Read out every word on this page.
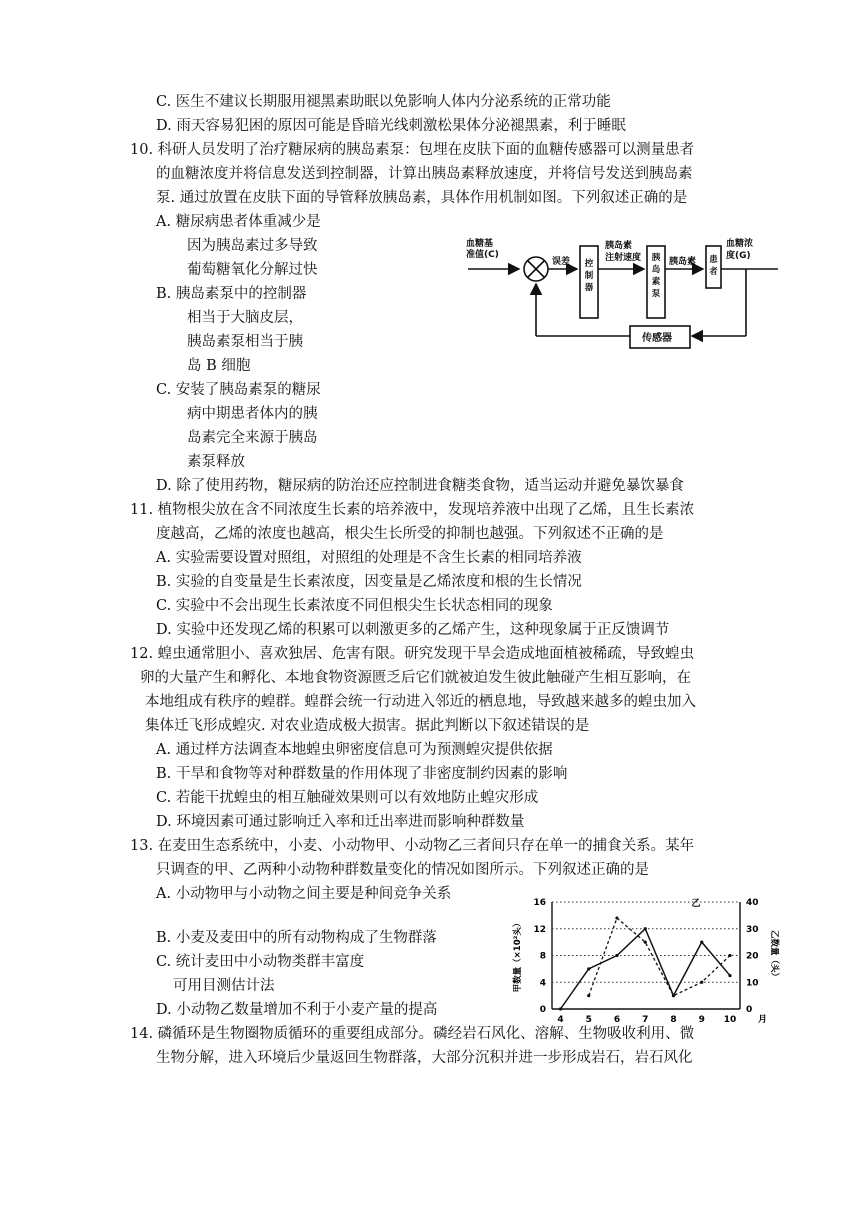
C. 医生不建议长期服用褪黑素助眠以免影响人体内分泌系统的正常功能
D. 雨天容易犯困的原因可能是昏暗光线刺激松果体分泌褪黑素，利于睡眠
10. 科研人员发明了治疗糖尿病的胰岛素泵：包埋在皮肤下面的血糖传感器可以测量患者
的血糖浓度并将信息发送到控制器，计算出胰岛素释放速度，并将信号发送到胰岛素
泵. 通过放置在皮肤下面的导管释放胰岛素，具体作用机制如图。下列叙述正确的是
A. 糖尿病患者体重减少是
因为胰岛素过多导致
葡萄糖氧化分解过快
B. 胰岛素泵中的控制器
相当于大脑皮层，
胰岛素泵相当于胰
岛 B 细胞
C. 安装了胰岛素泵的糖尿
病中期患者体内的胰
岛素完全来源于胰岛
素泵释放
D. 除了使用药物，糖尿病的防治还应控制进食糖类食物，适当运动并避免暴饮暴食
11. 植物根尖放在含不同浓度生长素的培养液中，发现培养液中出现了乙烯，且生长素浓
度越高，乙烯的浓度也越高，根尖生长所受的抑制也越强。下列叙述不正确的是
A. 实验需要设置对照组，对照组的处理是不含生长素的相同培养液
B. 实验的自变量是生长素浓度，因变量是乙烯浓度和根的生长情况
C. 实验中不会出现生长素浓度不同但根尖生长状态相同的现象
D. 实验中还发现乙烯的积累可以刺激更多的乙烯产生，这种现象属于正反馈调节
12. 蝗虫通常胆小、喜欢独居、危害有限。研究发现干旱会造成地面植被稀疏，导致蝗虫
卵的大量产生和孵化、本地食物资源匮乏后它们就被迫发生彼此触碰产生相互影响，在
本地组成有秩序的蝗群。蝗群会统一行动进入邻近的栖息地，导致越来越多的蝗虫加入
集体迁飞形成蝗灾. 对农业造成极大损害。据此判断以下叙述错误的是
A. 通过样方法调查本地蝗虫卵密度信息可为预测蝗灾提供依据
B. 干旱和食物等对种群数量的作用体现了非密度制约因素的影响
C. 若能干扰蝗虫的相互触碰效果则可以有效地防止蝗灾形成
D. 环境因素可通过影响迁入率和迁出率进而影响种群数量
13. 在麦田生态系统中，小麦、小动物甲、小动物乙三者间只存在单一的捕食关系。某年
只调查的甲、乙两种小动物种群数量变化的情况如图所示。下列叙述正确的是
A. 小动物甲与小动物之间主要是种间竞争关系
B. 小麦及麦田中的所有动物构成了生物群落
C. 统计麦田中小动物类群丰富度
可用目测估计法
D. 小动物乙数量增加不利于小麦产量的提高
14. 磷循环是生物圈物质循环的重要组成部分。磷经岩石风化、溶解、生物吸收利用、微
生物分解，进入环境后少量返回生物群落，大部分沉积并进一步形成岩石，岩石风化
血糖基
准值(C)
误差
胰岛素
注射速度	胰岛素
血糖浓
度(G)
传感器
控制器
胰岛素泵
患者
0
4
8
12
16
0
10
20
30
40
4 5 6 7 8 9 10 月
甲数量（×10²头）	乙数量（头）
乙
